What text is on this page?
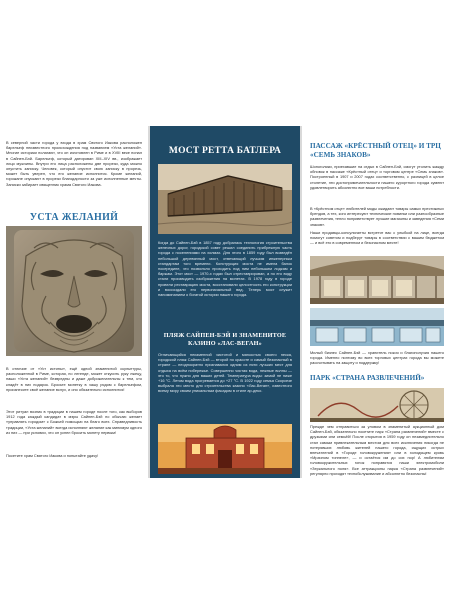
В северной части города у входа в храм Святого Иакова расположен барельеф неизвестного происхождения под названием «Уста желаний». Многие историки полагают, что он изготовлен в Риме и в XVIII веке попал в Сайпен-Бэй. Барельеф, который датирован XIII–XIV вв., изображает лицо мужчины. Внутри его лица расположены две прорези, куда можно опустить записку. Человек, который опустит свою записку в прорезь, может быть уверен, что его желание исполнится. Кроме желаний, горожане опускают в прорези благодарности за уже исполненные мечты. Записки забирает священник храма Святого Иакова.

УСТА ЖЕЛАНИЙ

В отличие от «Уст истины», ещё одной знаменитой скульптуры, расположенной в Риме, которая, по легенде, может откусить руку лжецу, наши «Уста желаний» безвредны и даже доброжелательны к тем, кто кладёт в них подарок. Бросьте монетку в чашу рядом с барельефом, произнесите своё желание вслух, и оно обязательно исполнится!

Этот ритуал возник в традиции в нашем городе после того, как выборов 1912 года каждый кандидат в мэры Сайпен-Бэй по обычаю желает «управлять городом» с Божьей помощью на благо всех. Справедливость традиции, «Уста желаний» всегда исполняют желание как минимум одного из них — при условии, что он успел бросить монету первым!

Посетите храм Святого Иакова и попытайте удачу!

МОСТ РЕТТА БАТЛЕРА

Когда до Сайпен-Бэй в 1857 году добралась технология строительства железных дорог, городской совет решил соединить прибрежную часть города с поселениями на холмах. Для этого в 1859 году был возведён небольшой деревянный мост, отвечающий лучшим инженерным стандартам того времени. Конструкция моста не имела балок посередине, что позволяло проходить под ним небольшим лодкам и баржам. Этот мост — 1970-х годах был отреставрирован, а по его виду стали производить изображения на монетах. В 1978 году в городе провели реставрацию моста, восстановили целостность его конструкции и воссоздали его первоначальный вид. Теперь мост служит напоминанием о богатой истории нашего города.

ПЛЯЖ САЙПЕН-БЭЙ И ЗНАМЕНИТОЕ КАЗИНО «ЛАС-ВЕГАН»

Отличающийся неизменной чистотой и мягкостью своего песка, городской пляж Сайпен-Бэй — второй по красоте и самый безопасный в стране — неоднократно признавался одним из пяти лучших мест для отдыха на всём побережье. Совершенно чистая вода, нежные волны — это то, что нужно для ваших детей. Температура воды: зимой не ниже +16 °С. Летом вода прогревается до +27 °С. В 1922 году семья Скорсезе выбрала это место для строительства казино «Лас-Веган», известного всему миру своим уникальным фасадом в стиле ар-деко.

ПАССАЖ «КРЁСТНЫЙ ОТЕЦ» И ТРЦ «СЕМЬ ЗНАКОВ»

Шопоголики, приехавшие на отдых в Сайпен-Бэй, смогут утолить жажду обновок в пассаже «Крёстный отец» и торговом центре «Семь знаков». Построенный в 1907 и 2007 годах соответственно, с разницей в целое столетие, эти достопримечательности нашего курортного города сумеют удовлетворить абсолютно все ваши потребности.

В «Крёстном отце» любителей моды ожидают товары самых престижных брендов, а тех, кого интересуют технические новинки или разнообразные развлечения, тепло поприветствует лучшие магазины и заведения «Семи знаков».

Наши продавцы-консультанты встретят вас с улыбкой на лице, всегда помогут советом и подберут товары в соответствии с вашим бюджетом — и всё это в современном и безопасном месте!

Милый бизнес Сайпен-Бэй — хранитель покоя и благополучия нашего города. Именно поэтому во всех торговых центрах города вы можете рассчитывать на защиту и поддержку!

ПАРК «СТРАНА РАЗВЛЕЧЕНИЙ»

Прежде чем отправиться за уловом в знаменитый аукционный дом Сайпен-Бэй, обязательно посетите парк «Страна развлечений» вместе с друзьями или семьёй! После открытия в 1959 году он незамедлительно стал самым привлекательным местом для всех исключения никогда не потерявших любовь жителей нашего города, ищущих острых впечатлений в «Городе головокружения» или в холодящем кровь «Мрачном тоннеле», — и остаётся им до сих пор! А любителям головокружительных гонок понравятся наши электромобили «Зеркального поля». Все аттракционы парка «Страна развлечений» регулярно проходят технобслуживание и абсолютно безопасны!
